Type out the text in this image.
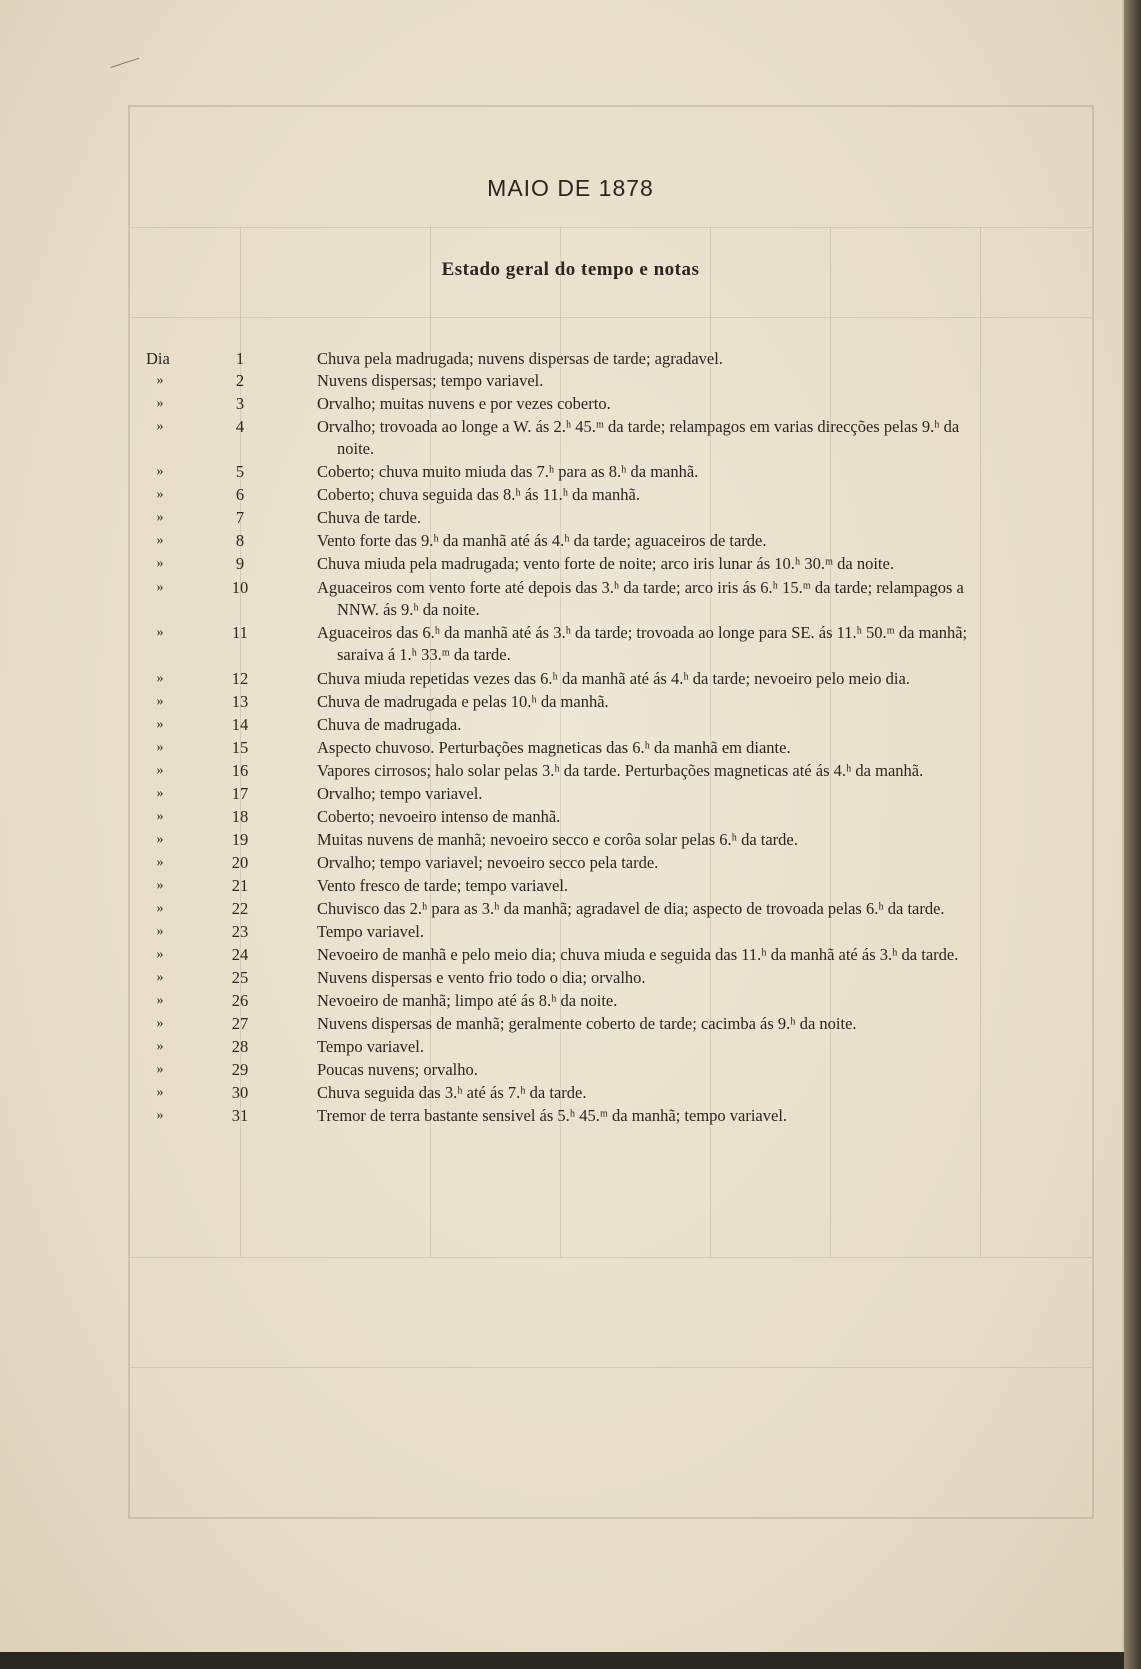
MAIO DE 1878
Estado geral do tempo e notas
Dia	1	Chuva pela madrugada; nuvens dispersas de tarde; agradavel.
»	2	Nuvens dispersas; tempo variavel.
»	3	Orvalho; muitas nuvens e por vezes coberto.
»	4	Orvalho; trovoada ao longe a W. ás 2.ʰ 45.ᵐ da tarde; relampagos em varias direcções pelas 9.ʰ da
noite.
»	5	Coberto; chuva muito miuda das 7.ʰ para as 8.ʰ da manhã.
»	6	Coberto; chuva seguida das 8.ʰ ás 11.ʰ da manhã.
»	7	Chuva de tarde.
»	8	Vento forte das 9.ʰ da manhã até ás 4.ʰ da tarde; aguaceiros de tarde.
»	9	Chuva miuda pela madrugada; vento forte de noite; arco iris lunar ás 10.ʰ 30.ᵐ da noite.
»	10	Aguaceiros com vento forte até depois das 3.ʰ da tarde; arco iris ás 6.ʰ 15.ᵐ da tarde; relampagos a
NNW. ás 9.ʰ da noite.
»	11	Aguaceiros das 6.ʰ da manhã até ás 3.ʰ da tarde; trovoada ao longe para SE. ás 11.ʰ 50.ᵐ da manhã;
saraiva á 1.ʰ 33.ᵐ da tarde.
»	12	Chuva miuda repetidas vezes das 6.ʰ da manhã até ás 4.ʰ da tarde; nevoeiro pelo meio dia.
»	13	Chuva de madrugada e pelas 10.ʰ da manhã.
»	14	Chuva de madrugada.
»	15	Aspecto chuvoso. Perturbações magneticas das 6.ʰ da manhã em diante.
»	16	Vapores cirrosos; halo solar pelas 3.ʰ da tarde. Perturbações magneticas até ás 4.ʰ da manhã.
»	17	Orvalho; tempo variavel.
»	18	Coberto; nevoeiro intenso de manhã.
»	19	Muitas nuvens de manhã; nevoeiro secco e corôa solar pelas 6.ʰ da tarde.
»	20	Orvalho; tempo variavel; nevoeiro secco pela tarde.
»	21	Vento fresco de tarde; tempo variavel.
»	22	Chuvisco das 2.ʰ para as 3.ʰ da manhã; agradavel de dia; aspecto de trovoada pelas 6.ʰ da tarde.
»	23	Tempo variavel.
»	24	Nevoeiro de manhã e pelo meio dia; chuva miuda e seguida das 11.ʰ da manhã até ás 3.ʰ da tarde.
»	25	Nuvens dispersas e vento frio todo o dia; orvalho.
»	26	Nevoeiro de manhã; limpo até ás 8.ʰ da noite.
»	27	Nuvens dispersas de manhã; geralmente coberto de tarde; cacimba ás 9.ʰ da noite.
»	28	Tempo variavel.
»	29	Poucas nuvens; orvalho.
»	30	Chuva seguida das 3.ʰ até ás 7.ʰ da tarde.
»	31	Tremor de terra bastante sensivel ás 5.ʰ 45.ᵐ da manhã; tempo variavel.
